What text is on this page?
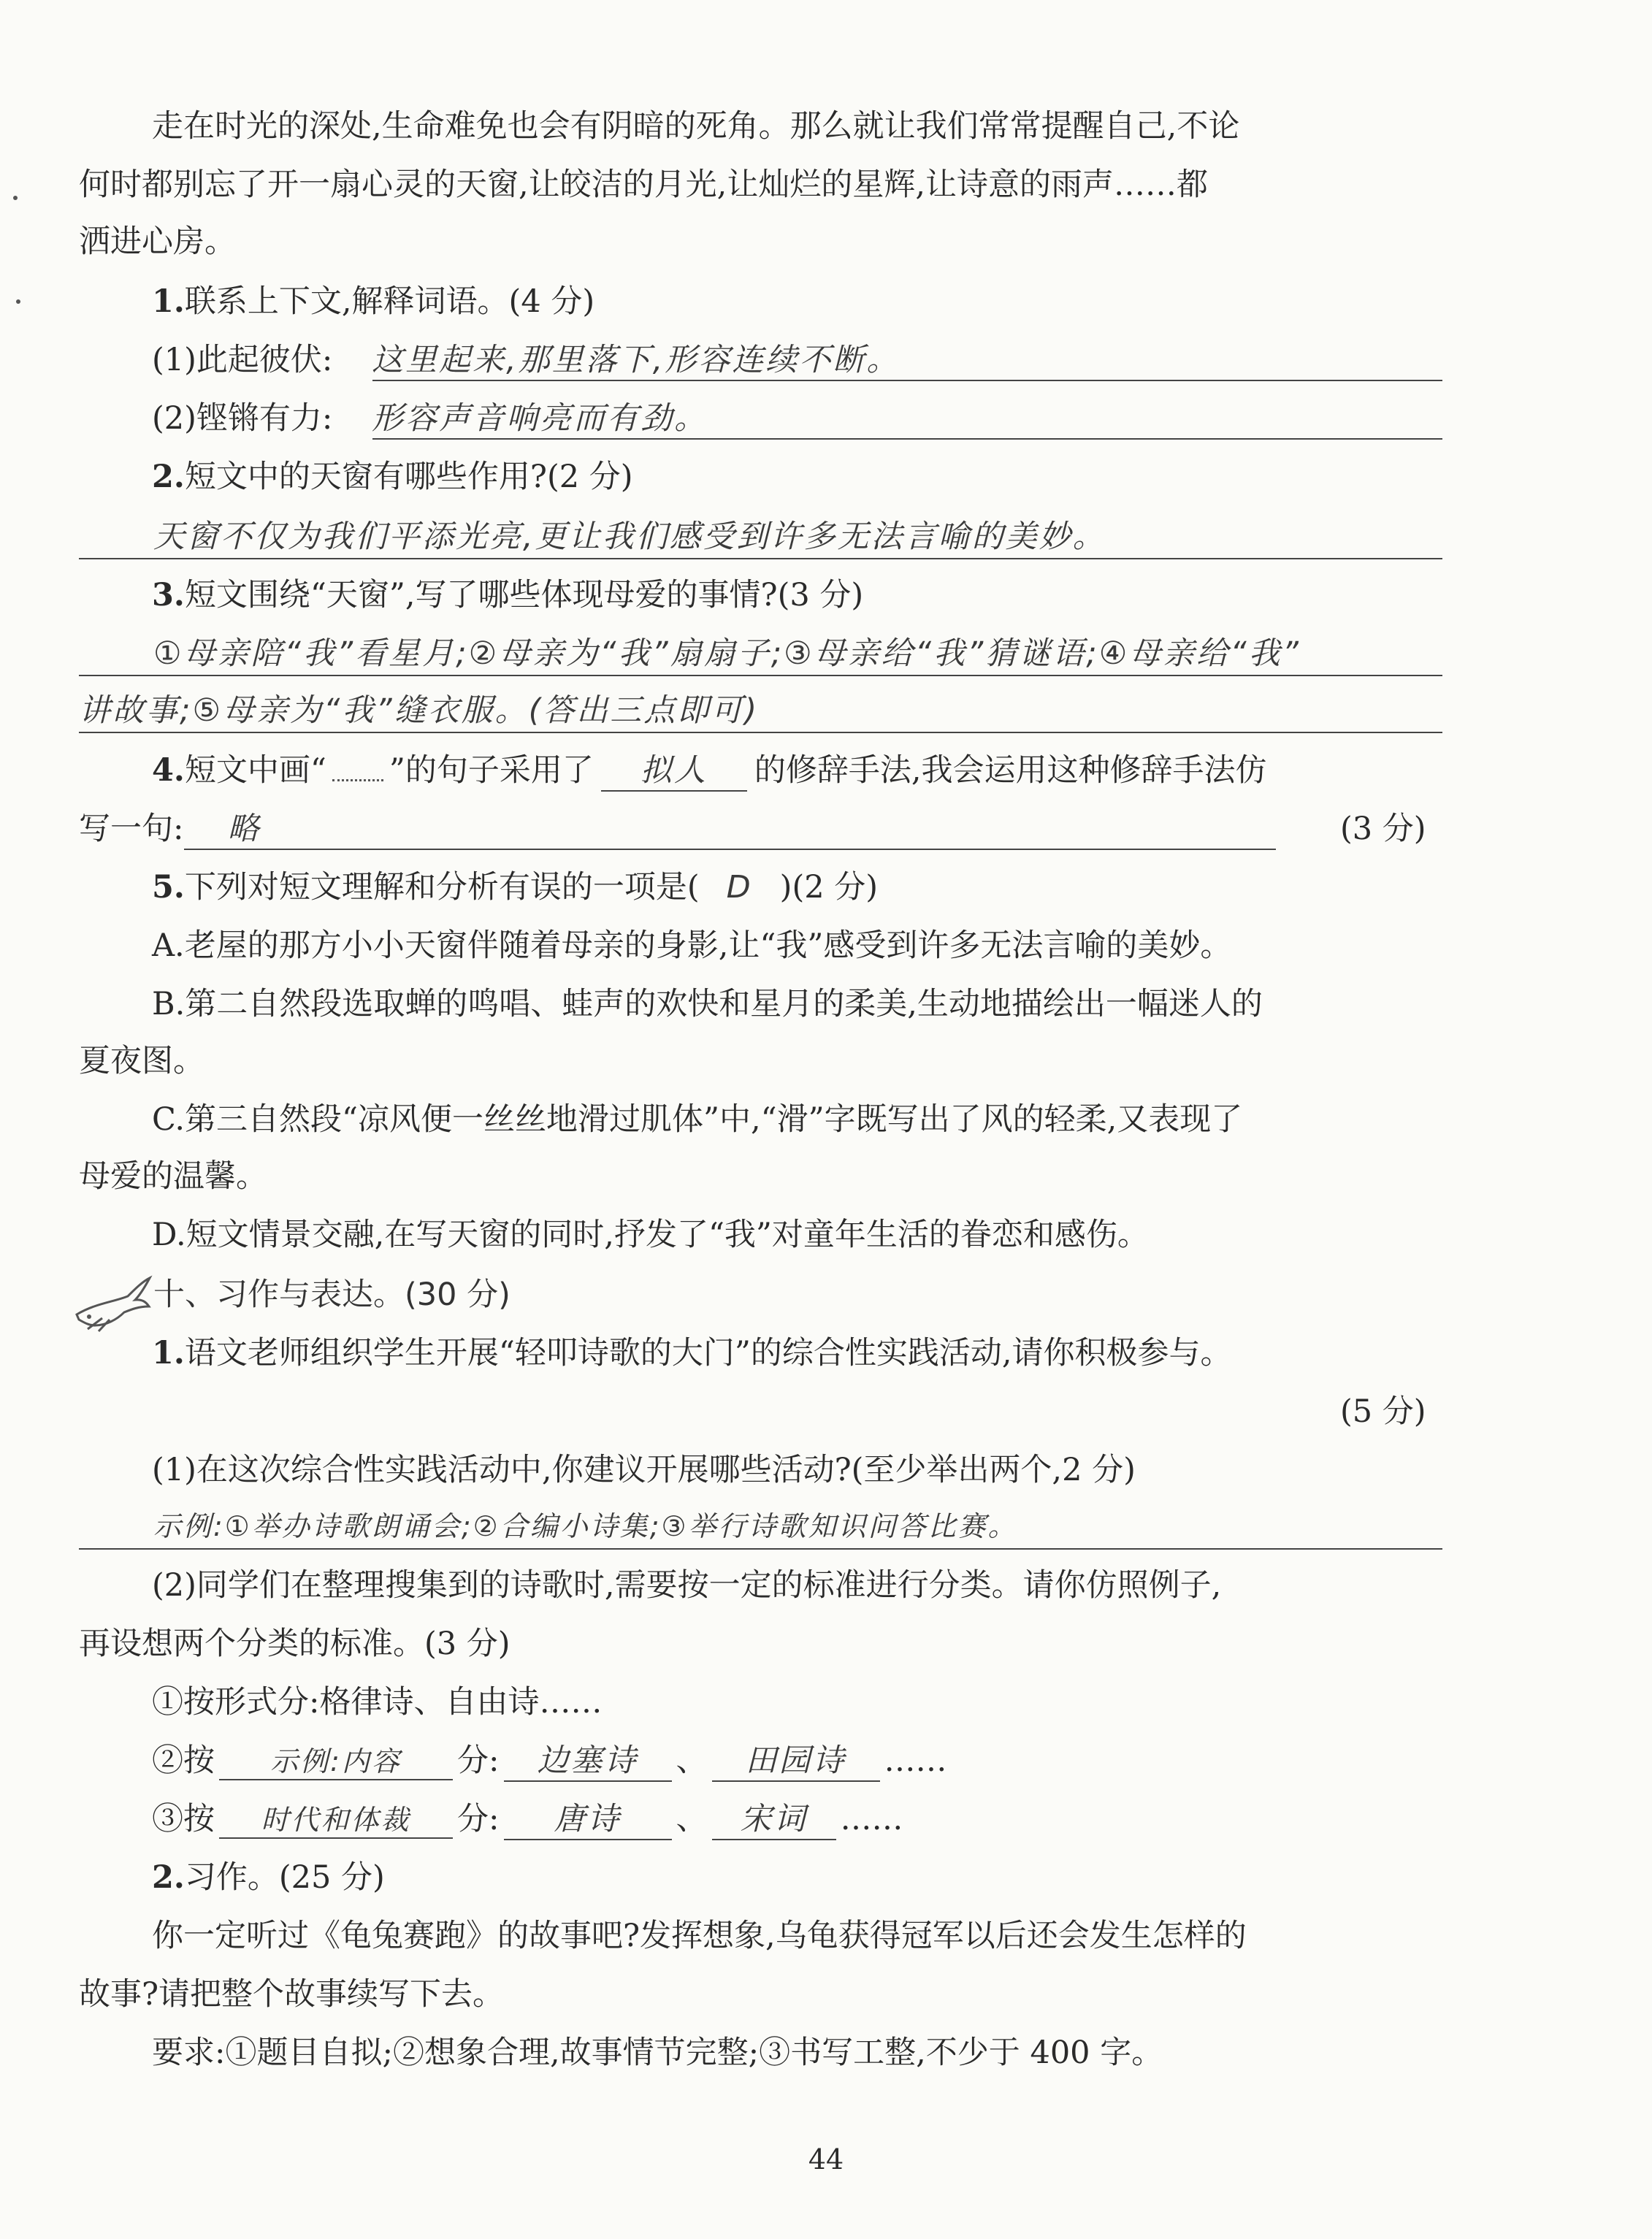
走在时光的深处,生命难免也会有阴暗的死角。那么就让我们常常提醒自己,不论
何时都别忘了开一扇心灵的天窗,让皎洁的月光,让灿烂的星辉,让诗意的雨声……都
洒进心房。
1.联系上下文,解释词语。(4 分)
(1)此起彼伏: 这里起来,那里落下,形容连续不断。
(2)铿锵有力: 形容声音响亮而有劲。
2.短文中的天窗有哪些作用?(2 分)
天窗不仅为我们平添光亮,更让我们感受到许多无法言喻的美妙。
3.短文围绕“天窗”,写了哪些体现母爱的事情?(3 分)
①母亲陪“我”看星月;②母亲为“我”扇扇子;③母亲给“我”猜谜语;④母亲给“我”
讲故事;⑤母亲为“我”缝衣服。(答出三点即可)
4.短文中画“ ”的句子采用了 拟人 的修辞手法,我会运用这种修辞手法仿
写一句: 略	(3 分)
5.下列对短文理解和分析有误的一项是( D )(2 分)
A.老屋的那方小小天窗伴随着母亲的身影,让“我”感受到许多无法言喻的美妙。
B.第二自然段选取蝉的鸣唱、蛙声的欢快和星月的柔美,生动地描绘出一幅迷人的
夏夜图。
C.第三自然段“凉风便一丝丝地滑过肌体”中,“滑”字既写出了风的轻柔,又表现了
母爱的温馨。
D.短文情景交融,在写天窗的同时,抒发了“我”对童年生活的眷恋和感伤。
十、习作与表达。(30 分)
1.语文老师组织学生开展“轻叩诗歌的大门”的综合性实践活动,请你积极参与。
(5 分)
(1)在这次综合性实践活动中,你建议开展哪些活动?(至少举出两个,2 分)
示例:①举办诗歌朗诵会;②合编小诗集;③举行诗歌知识问答比赛。
(2)同学们在整理搜集到的诗歌时,需要按一定的标准进行分类。请你仿照例子,
再设想两个分类的标准。(3 分)
①按形式分:格律诗、自由诗……
②按 示例:内容 分: 边塞诗 、 田园诗 ……
③按 时代和体裁 分: 唐诗 、 宋词 ……
2.习作。(25 分)
你一定听过《龟兔赛跑》的故事吧?发挥想象,乌龟获得冠军以后还会发生怎样的
故事?请把整个故事续写下去。
要求:①题目自拟;②想象合理,故事情节完整;③书写工整,不少于 400 字。
44
